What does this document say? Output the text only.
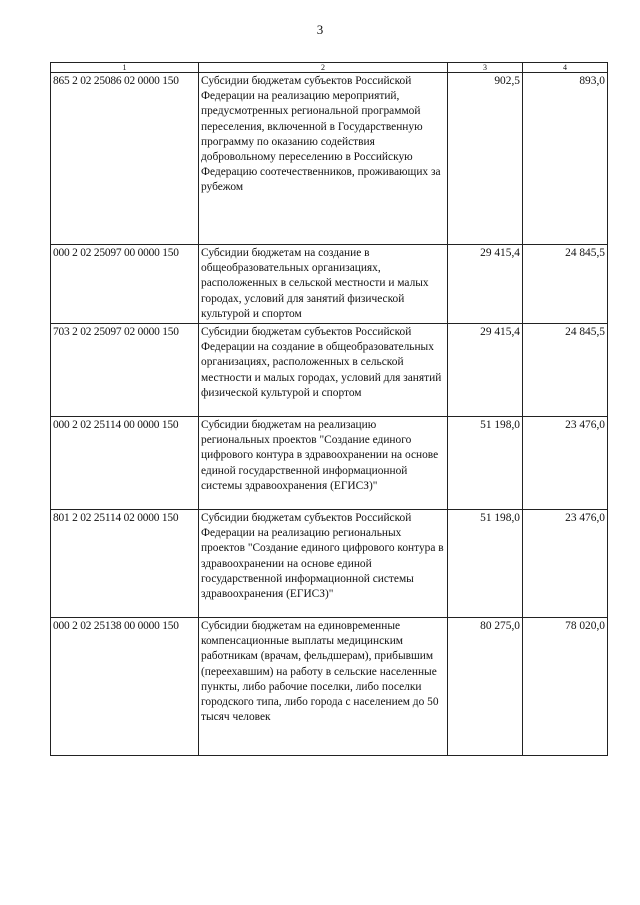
3
1	2	3	4
865 2 02 25086 02 0000 150	Субсидии бюджетам субъектов Российской Федерации на реализацию мероприятий, предусмотренных региональной программой переселения, включенной в Государственную программу по оказанию содействия добровольному переселению в Российскую Федерацию соотечественников, проживающих за рубежом	902,5	893,0
000 2 02 25097 00 0000 150	Субсидии бюджетам на создание в общеобразовательных организациях, расположенных в сельской местности и малых городах, условий для занятий физической культурой и спортом	29 415,4	24 845,5
703 2 02 25097 02 0000 150	Субсидии бюджетам субъектов Российской Федерации на создание в общеобразовательных организациях, расположенных в сельской местности и малых городах, условий для занятий физической культурой и спортом	29 415,4	24 845,5
000 2 02 25114 00 0000 150	Субсидии бюджетам на реализацию региональных проектов "Создание единого цифрового контура в здравоохранении на основе единой государственной информационной системы здравоохранения (ЕГИСЗ)"	51 198,0	23 476,0
801 2 02 25114 02 0000 150	Субсидии бюджетам субъектов Российской Федерации на реализацию региональных проектов "Создание единого цифрового контура в здравоохранении на основе единой государственной информационной системы здравоохранения (ЕГИСЗ)"	51 198,0	23 476,0
000 2 02 25138 00 0000 150	Субсидии бюджетам на единовременные компенсационные выплаты медицинским работникам (врачам, фельдшерам), прибывшим (переехавшим) на работу в сельские населенные пункты, либо рабочие поселки, либо поселки городского типа, либо города с населением до 50 тысяч человек	80 275,0	78 020,0
